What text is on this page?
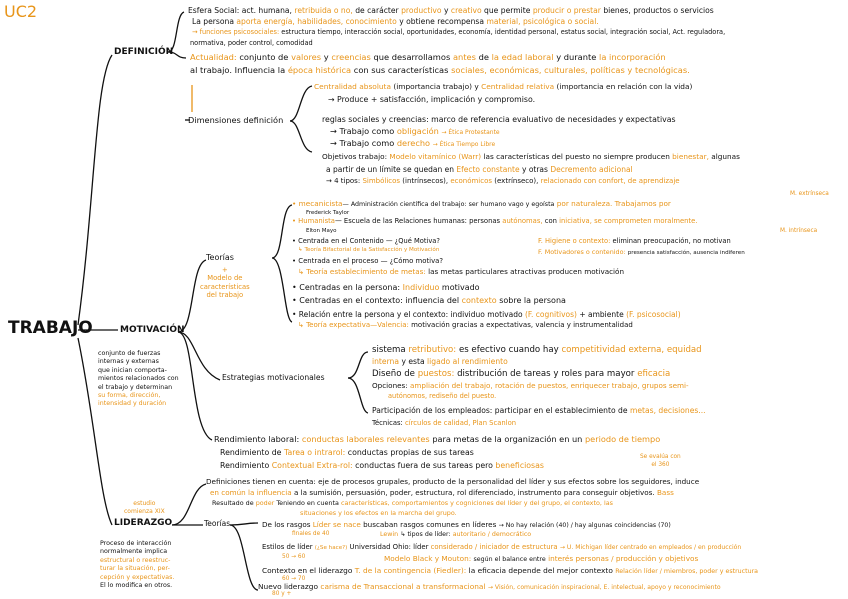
UC2
TRABAJO
DEFINICIÓN
Esfera Social: act. humana, retribuida o no, de carácter productivo y creativo que permite producir o prestar bienes, productos o servicios
La persona aporta energía, habilidades, conocimiento y obtiene recompensa material, psicológica o social.
→ funciones psicosociales: estructura tiempo, interacción social, oportunidades, economía, identidad personal, estatus social, integración social, Act. reguladora,
normativa, poder control, comodidad
Actualidad: conjunto de valores y creencias que desarrollamos antes de la edad laboral y durante la incorporación
al trabajo. Influencia la época histórica con sus características sociales, económicas, culturales, políticas y tecnológicas.
Dimensiones definición
Centralidad absoluta (importancia trabajo) y Centralidad relativa (importancia en relación con la vida)
→ Produce + satisfacción, implicación y compromiso.
reglas sociales y creencias: marco de referencia evaluativo de necesidades y expectativas
→ Trabajo como obligación → Ética Protestante
→ Trabajo como derecho → Ética Tiempo Libre
Objetivos trabajo: Modelo vitamínico (Warr) las características del puesto no siempre producen bienestar, algunas
a partir de un límite se quedan en Efecto constante y otras Decremento adicional
→ 4 tipos: Simbólicos (intrínsecos), económicos (extrínseco), relacionado con confort, de aprendizaje
MOTIVACIÓN
conjunto de fuerzas
internas y externas
que inician comporta-
mientos relacionados con
el trabajo y determinan
su forma, dirección,
intensidad y duración
Teorías
+
Modelo de
características
del trabajo
• mecanicista— Administración científica del trabajo: ser humano vago y egoísta por naturaleza. Trabajamos por
Frederick Taylor
M. extrínseca
• Humanista— Escuela de las Relaciones humanas: personas autónomas, con iniciativa, se comprometen moralmente.
Elton Mayo	M. intrínseca
• Centrada en el Contenido — ¿Qué Motiva?	F. Higiene o contexto: eliminan preocupación, no motivan
↳ Teoría Bifactorial de la Satisfacción y Motivación	F. Motivadores o contenido: presencia satisfacción, ausencia indiferen
• Centrada en el proceso — ¿Cómo motiva?
↳ Teoría establecimiento de metas: las metas particulares atractivas producen motivación
• Centradas en la persona: Individuo motivado
• Centradas en el contexto: influencia del contexto sobre la persona
• Relación entre la persona y el contexto: individuo motivado (F. cognitivos) + ambiente (F. psicosocial)
↳ Teoría expectativa—Valencia: motivación gracias a expectativas, valencia y instrumentalidad
Estrategias motivacionales
sistema retributivo: es efectivo cuando hay competitividad externa, equidad
interna y esta ligado al rendimiento
Diseño de puestos: distribución de tareas y roles para mayor eficacia
Opciones: ampliación del trabajo, rotación de puestos, enriquecer trabajo, grupos semi-
autónomos, rediseño del puesto.
Participación de los empleados: participar en el establecimiento de metas, decisiones...
Técnicas: círculos de calidad, Plan Scanlon
Rendimiento laboral: conductas laborales relevantes para metas de la organización en un periodo de tiempo
Rendimiento de Tarea o intrarol: conductas propias de sus tareas
Rendimiento Contextual Extra-rol: conductas fuera de sus tareas pero beneficiosas
Se evalúa con
el 360
estudio
comienza XIX
LIDERAZGO
Proceso de interacción
normalmente implica
estructural o reestruc-
turar la situación, per-
cepción y expectativas.
El lo modifica en otros.
Definiciones tienen en cuenta: eje de procesos grupales, producto de la personalidad del líder y sus efectos sobre los seguidores, induce
en común la influencia a la sumisión, persuasión, poder, estructura, rol diferenciado, instrumento para conseguir objetivos. Bass
Resultado de poder Teniendo en cuenta características, comportamientos y cogniciones del líder y del grupo, el contexto, las
situaciones y los efectos en la marcha del grupo.
Teorías	De los rasgos Líder se nace buscaban rasgos comunes en líderes → No hay relación (40) / hay algunas coincidencias (70)
finales de 40	Lewin ↳ tipos de líder: autoritario / democrático
Estilos de líder (¿Se hace?) Universidad Ohio: líder considerado / iniciador de estructura → U. Michigan líder centrado en empleados / en producción
50 → 60	Modelo Black y Mouton: según el balance entre interés personas / producción y objetivos
Contexto en el liderazgo T. de la contingencia (Fiedler): la eficacia depende del mejor contexto Relación líder / miembros, poder y estructura
60 → 70
Nuevo liderazgo carisma de Transaccional a transformacional → Visión, comunicación inspiracional, E. intelectual, apoyo y reconocimiento
80 y +
